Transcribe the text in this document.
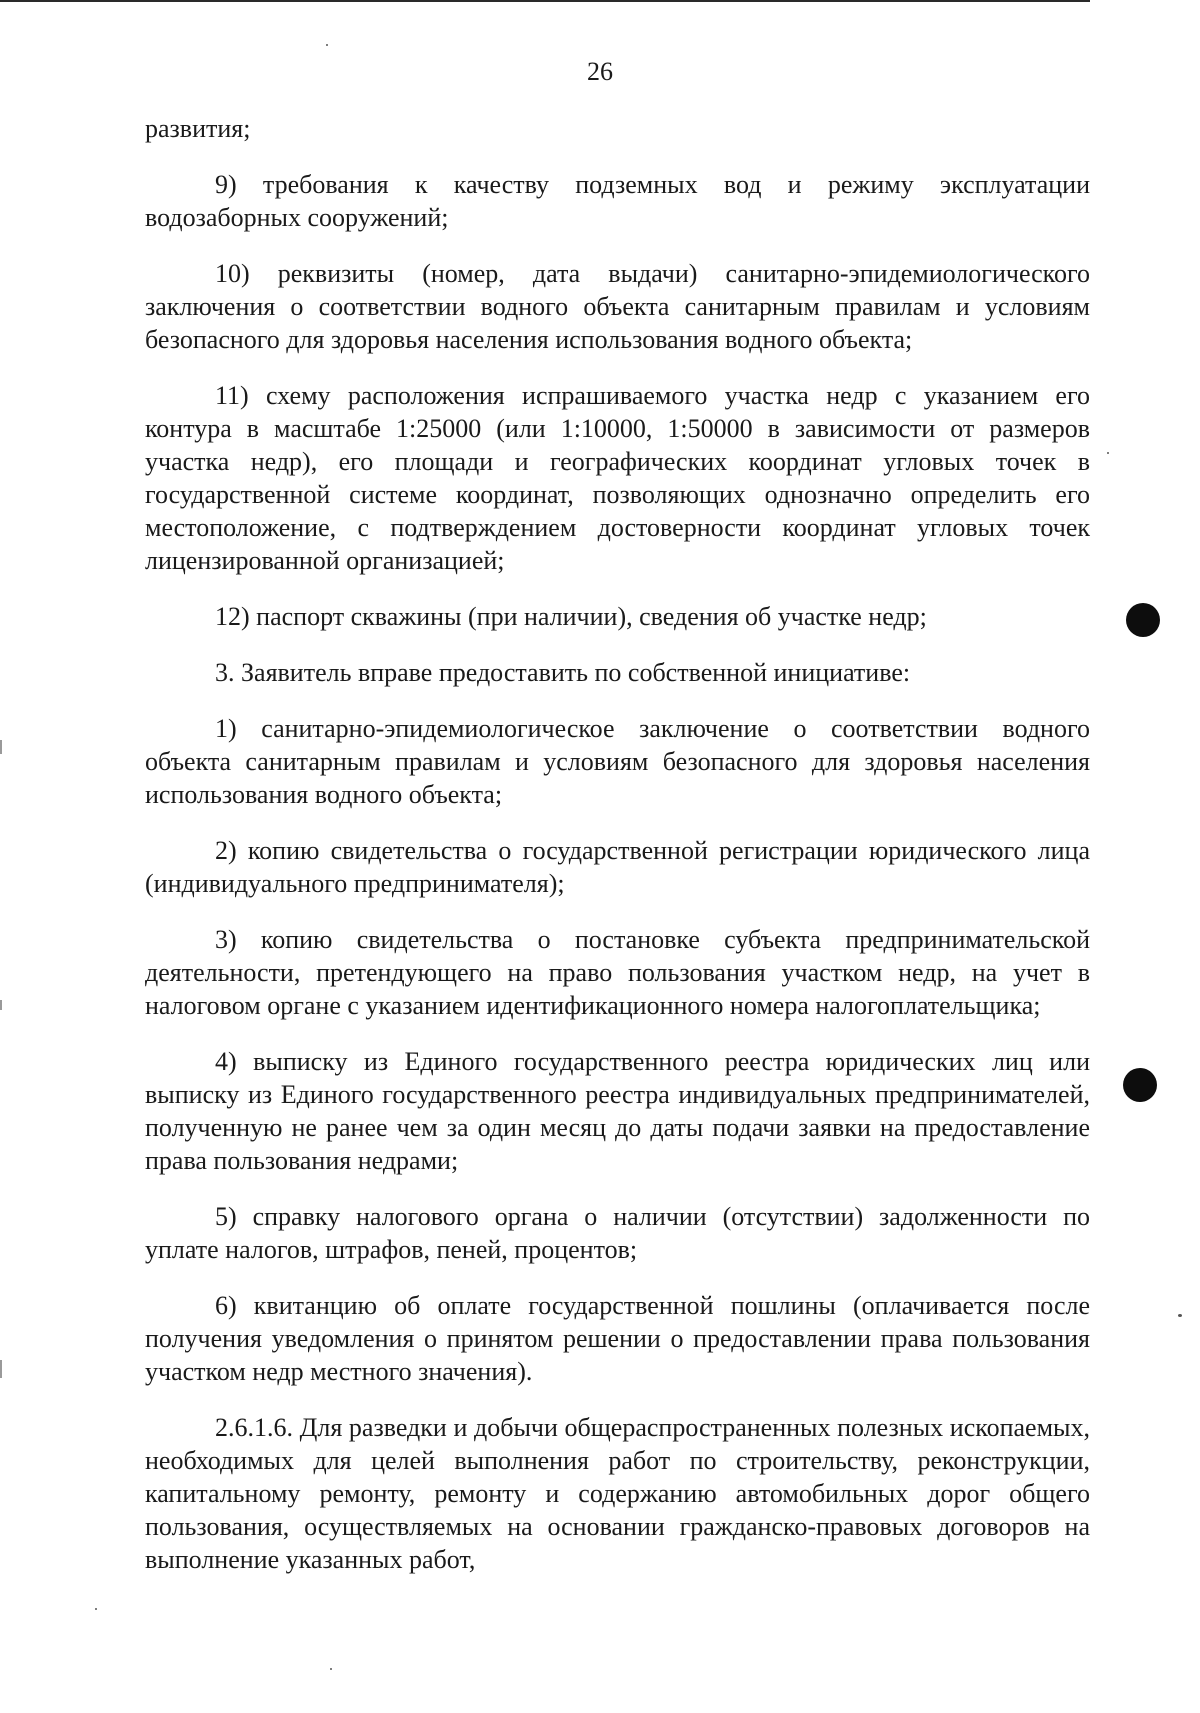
26

развития;

9) требования к качеству подземных вод и режиму эксплуатации водозаборных сооружений;

10) реквизиты (номер, дата выдачи) санитарно-эпидемиологического заключения о соответствии водного объекта санитарным правилам и условиям безопасного для здоровья населения использования водного объекта;

11) схему расположения испрашиваемого участка недр с указанием его контура в масштабе 1:25000 (или 1:10000, 1:50000 в зависимости от размеров участка недр), его площади и географических координат угловых точек в государственной системе координат, позволяющих однозначно определить его местоположение, с подтверждением достоверности координат угловых точек лицензированной организацией;

12) паспорт скважины (при наличии), сведения об участке недр;

3. Заявитель вправе предоставить по собственной инициативе:

1) санитарно-эпидемиологическое заключение о соответствии водного объекта санитарным правилам и условиям безопасного для здоровья населения использования водного объекта;

2) копию свидетельства о государственной регистрации юридического лица (индивидуального предпринимателя);

3) копию свидетельства о постановке субъекта предпринимательской деятельности, претендующего на право пользования участком недр, на учет в налоговом органе с указанием идентификационного номера налогоплательщика;

4) выписку из Единого государственного реестра юридических лиц или выписку из Единого государственного реестра индивидуальных предпринимателей, полученную не ранее чем за один месяц до даты подачи заявки на предоставление права пользования недрами;

5) справку налогового органа о наличии (отсутствии) задолженности по уплате налогов, штрафов, пеней, процентов;

6) квитанцию об оплате государственной пошлины (оплачивается после получения уведомления о принятом решении о предоставлении права пользования участком недр местного значения).

2.6.1.6. Для разведки и добычи общераспространенных полезных ископаемых, необходимых для целей выполнения работ по строительству, реконструкции, капитальному ремонту, ремонту и содержанию автомобильных дорог общего пользования, осуществляемых на основании гражданско-правовых договоров на выполнение указанных работ,
